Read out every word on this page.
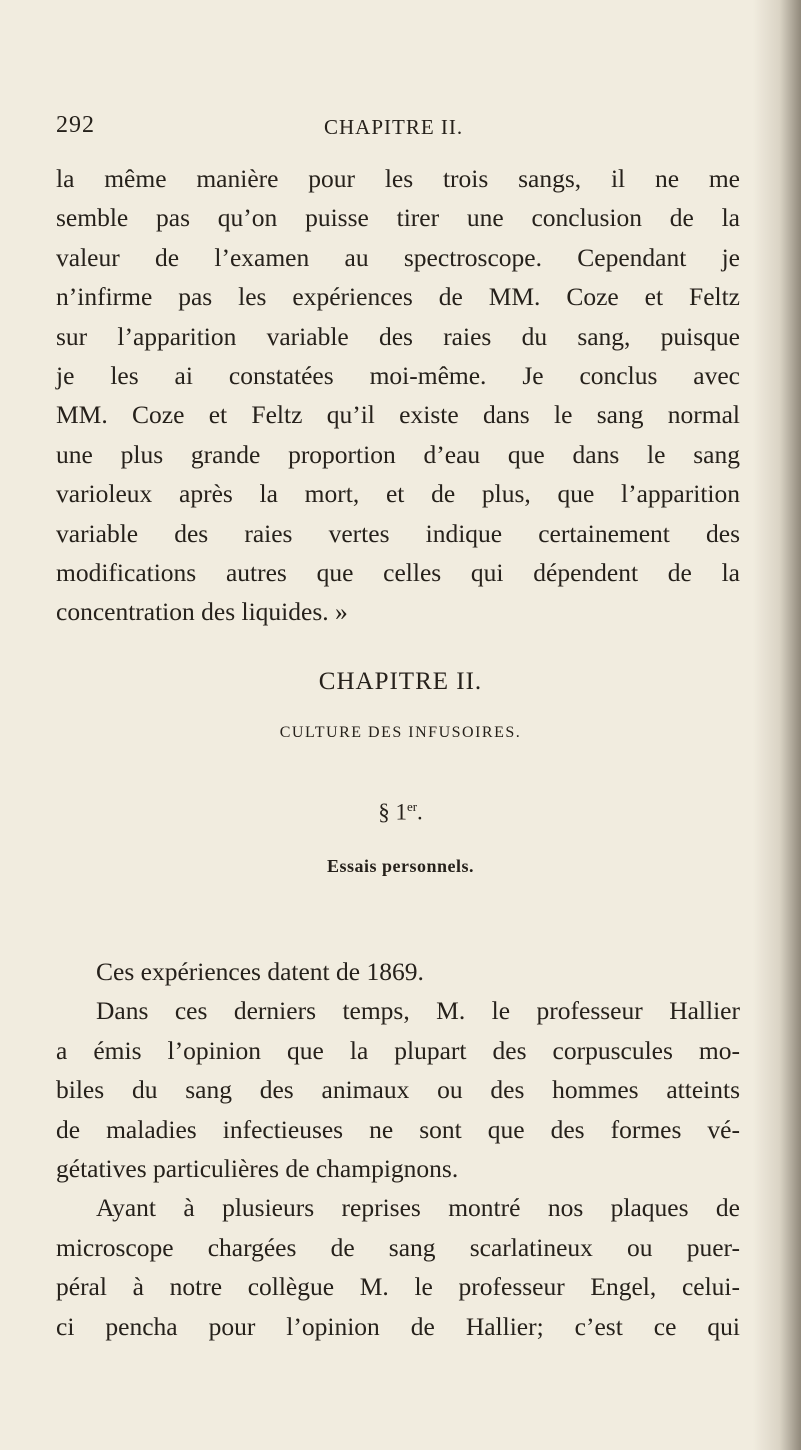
292	CHAPITRE II.
la même manière pour les trois sangs, il ne me
semble pas qu’on puisse tirer une conclusion de la
valeur de l’examen au spectroscope. Cependant je
n’infirme pas les expériences de MM. Coze et Feltz
sur l’apparition variable des raies du sang, puisque
je les ai constatées moi-même. Je conclus avec
MM. Coze et Feltz qu’il existe dans le sang normal
une plus grande proportion d’eau que dans le sang
varioleux après la mort, et de plus, que l’apparition
variable des raies vertes indique certainement des
modifications autres que celles qui dépendent de la
concentration des liquides. »
CHAPITRE II.
CULTURE DES INFUSOIRES.
§ 1er.
Essais personnels.
Ces expériences datent de 1869.
Dans ces derniers temps, M. le professeur Hallier
a émis l’opinion que la plupart des corpuscules mo-
biles du sang des animaux ou des hommes atteints
de maladies infectieuses ne sont que des formes vé-
gétatives particulières de champignons.
Ayant à plusieurs reprises montré nos plaques de
microscope chargées de sang scarlatineux ou puer-
péral à notre collègue M. le professeur Engel, celui-
ci pencha pour l’opinion de Hallier; c’est ce qui
